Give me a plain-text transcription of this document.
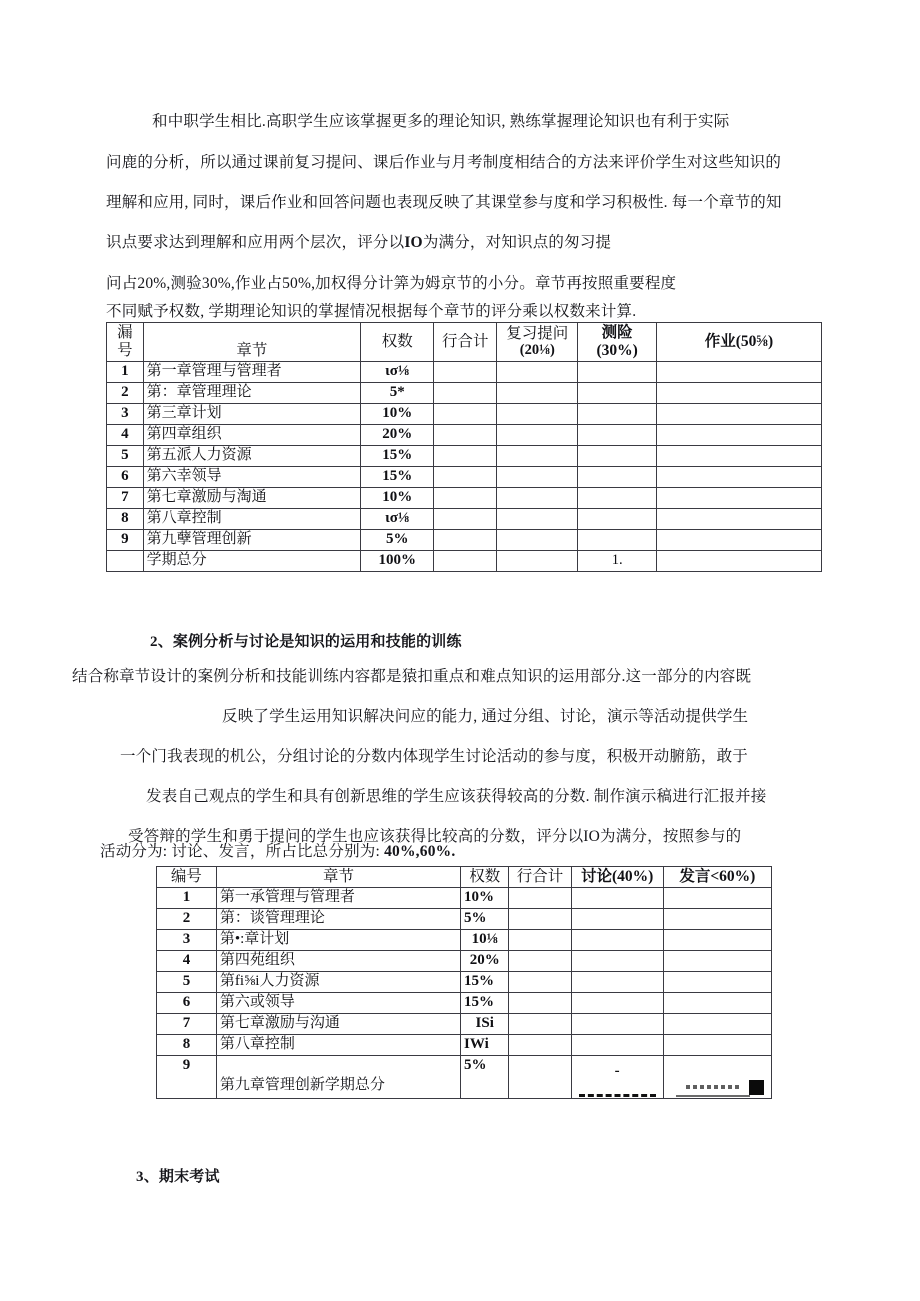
和中职学生相比.高职学生应该掌握更多的理论知识, 熟练掌握理论知识也有利于实际
问鹿的分析，所以通过课前复习提问、课后作业与月考制度相结合的方法来评价学生对这些知识的
理解和应用, 同时，课后作业和回答问题也表现反映了其课堂参与度和学习积极性. 每一个章节的知
识点要求达到理解和应用两个层次，评分以IO为满分，对知识点的匆习提
问占20%,测验30%,作业占50%,加权得分计筭为姆京节的小分。章节再按照重要程度
不同赋予权数, 学期理论知识的掌握情况根据每个章节的评分乘以权数来计算.
漏号	章节	权数	行合计	复习提问
(20⅛)	测险(30%)	作业(50⅝)
1	第一章管理与管理者	ισ⅛				
2	第：章管理理论	5*				
3	第三章计划	10%				
4	第四章组织	20%				
5	第五派人力资源	15%				
6	第六幸领导	15%				
7	第七章激励与淘通	10%				
8	第八章控制	ισ⅛				
9	第九孽管理创新	5%				
	学期总分	100%			1.	
2、案例分析与讨论是知识的运用和技能的训练
结合称章节设计的案例分析和技能训练内容都是猿扣重点和难点知识的运用部分.这一部分的内容既
反映了学生运用知识解决问应的能力, 通过分组、讨论，演示等活动提供学生
一个门我表现的机公，分组讨论的分数内体现学生讨论活动的参与度，积极开动腑筋，敢于
发表自己观点的学生和具有创新思维的学生应该获得较高的分数. 制作演示稿进行汇报并接
受答辩的学生和勇于提问的学生也应该获得比较高的分数，评分以IO为满分，按照参与的
活动分为: 讨论、发言，所占比总分别为: 40%,60%.
编号	章节	权数	行合计	讨论(40%)	发言<60%)
1	第一承管理与管理者	10%			
2	第：谈管理理论	5%			
3	第•:章计划	10⅛			
4	第四苑组织	20%			
5	第fi⅝i人力资源	15%			
6	第六或领导	15%			
7	第七章激励与沟通	ISi			
8	第八章控制	IWi			
9	第九章管理创新学期总分	5%		-	

3、期末考试
